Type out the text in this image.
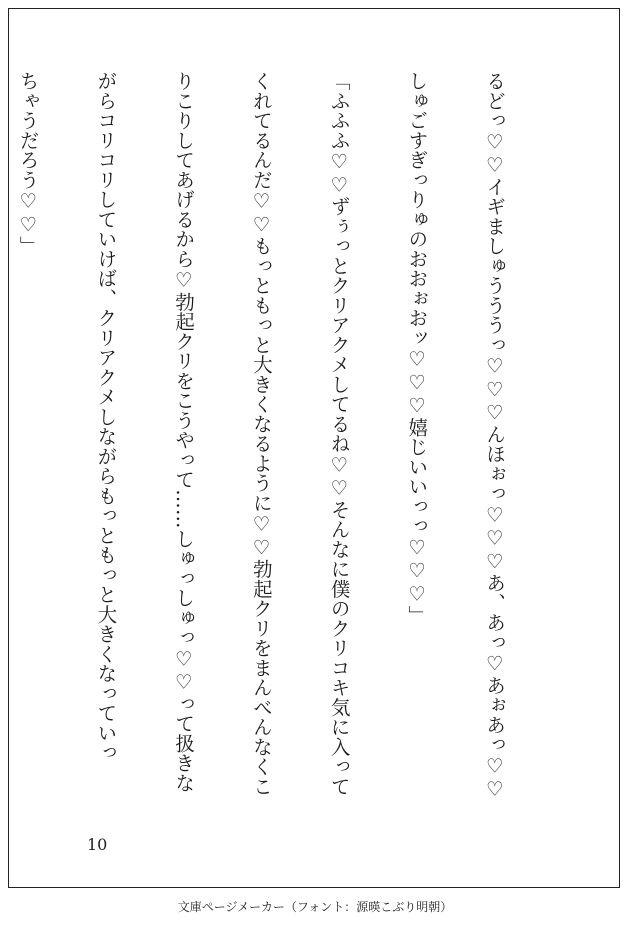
るどっ♡♡イギましゅうううっ♡♡♡んほぉっ♡♡♡あ、あっ♡あぉあっ♡♡

しゅごすぎっりゅのおおぉおッ♡♡♡嬉じいいっっ♡♡♡」

「ふふふ♡♡ずぅっとクリアクメしてるね♡♡そんなに僕のクリコキ気に入って

くれてるんだ♡♡もっともっと大きくなるように♡♡勃起クリをまんべんなくこ

りこりしてあげるから♡勃起クリをこうやって……しゅっしゅっ♡♡って扱きな

がらコリコリしていけば、クリアクメしながらもっともっと大きくなっていっ

ちゃうだろう♡♡」

10
文庫ページメーカー（フォント：源暎こぶり明朝）
